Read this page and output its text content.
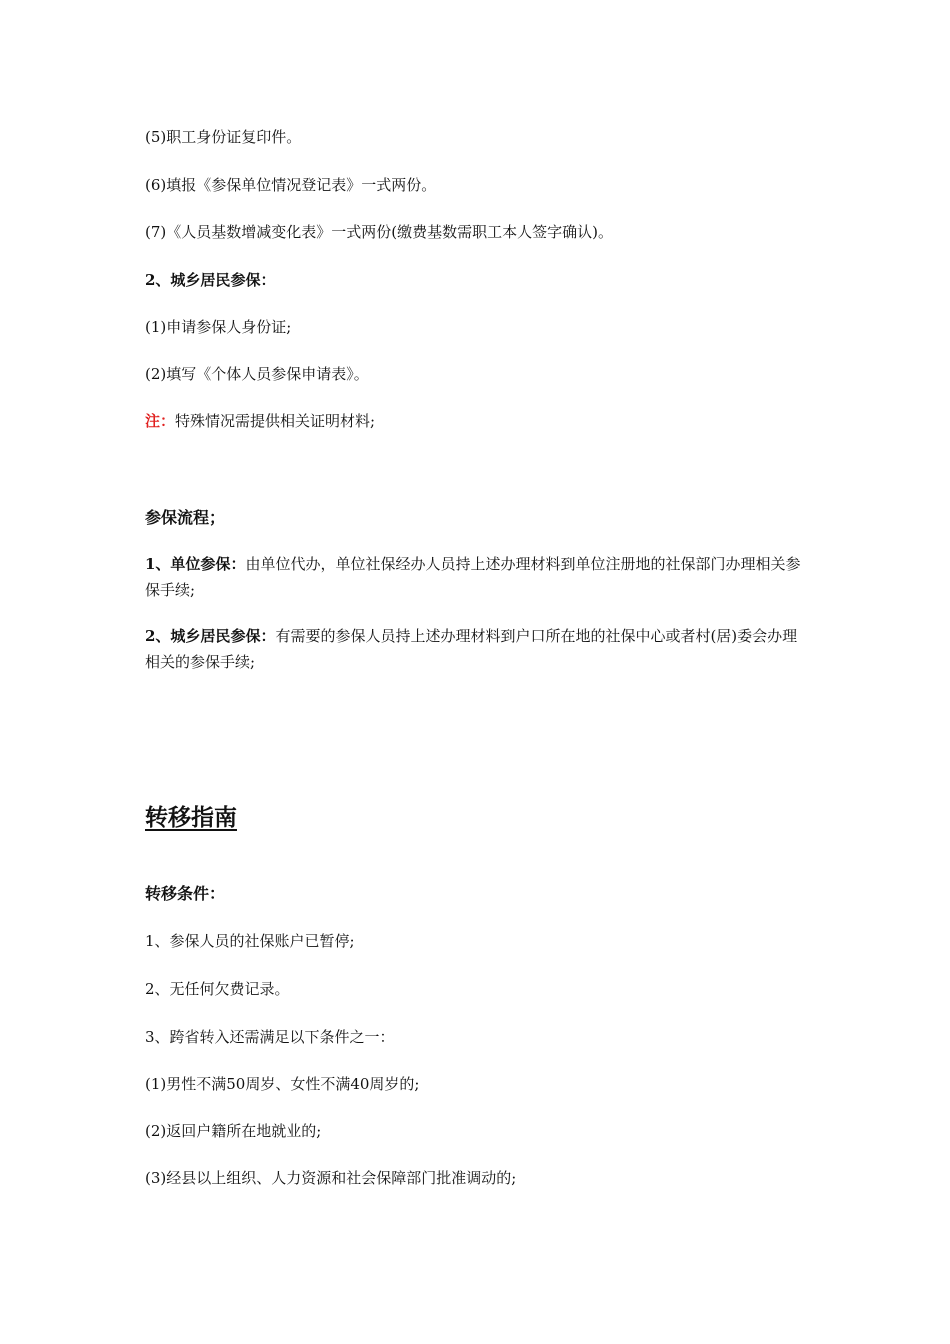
(5)职工身份证复印件。
(6)填报《参保单位情况登记表》一式两份。
(7)《人员基数增减变化表》一式两份(缴费基数需职工本人签字确认)。
2、城乡居民参保：
(1)申请参保人身份证;
(2)填写《个体人员参保申请表》。
注：特殊情况需提供相关证明材料;
参保流程；
1、单位参保：由单位代办，单位社保经办人员持上述办理材料到单位注册地的社保部门办理相关参保手续;
2、城乡居民参保：有需要的参保人员持上述办理材料到户口所在地的社保中心或者村(居)委会办理相关的参保手续;
转移指南
转移条件：
1、参保人员的社保账户已暂停;
2、无任何欠费记录。
3、跨省转入还需满足以下条件之一：
(1)男性不满50周岁、女性不满40周岁的;
(2)返回户籍所在地就业的;
(3)经县以上组织、人力资源和社会保障部门批准调动的;
